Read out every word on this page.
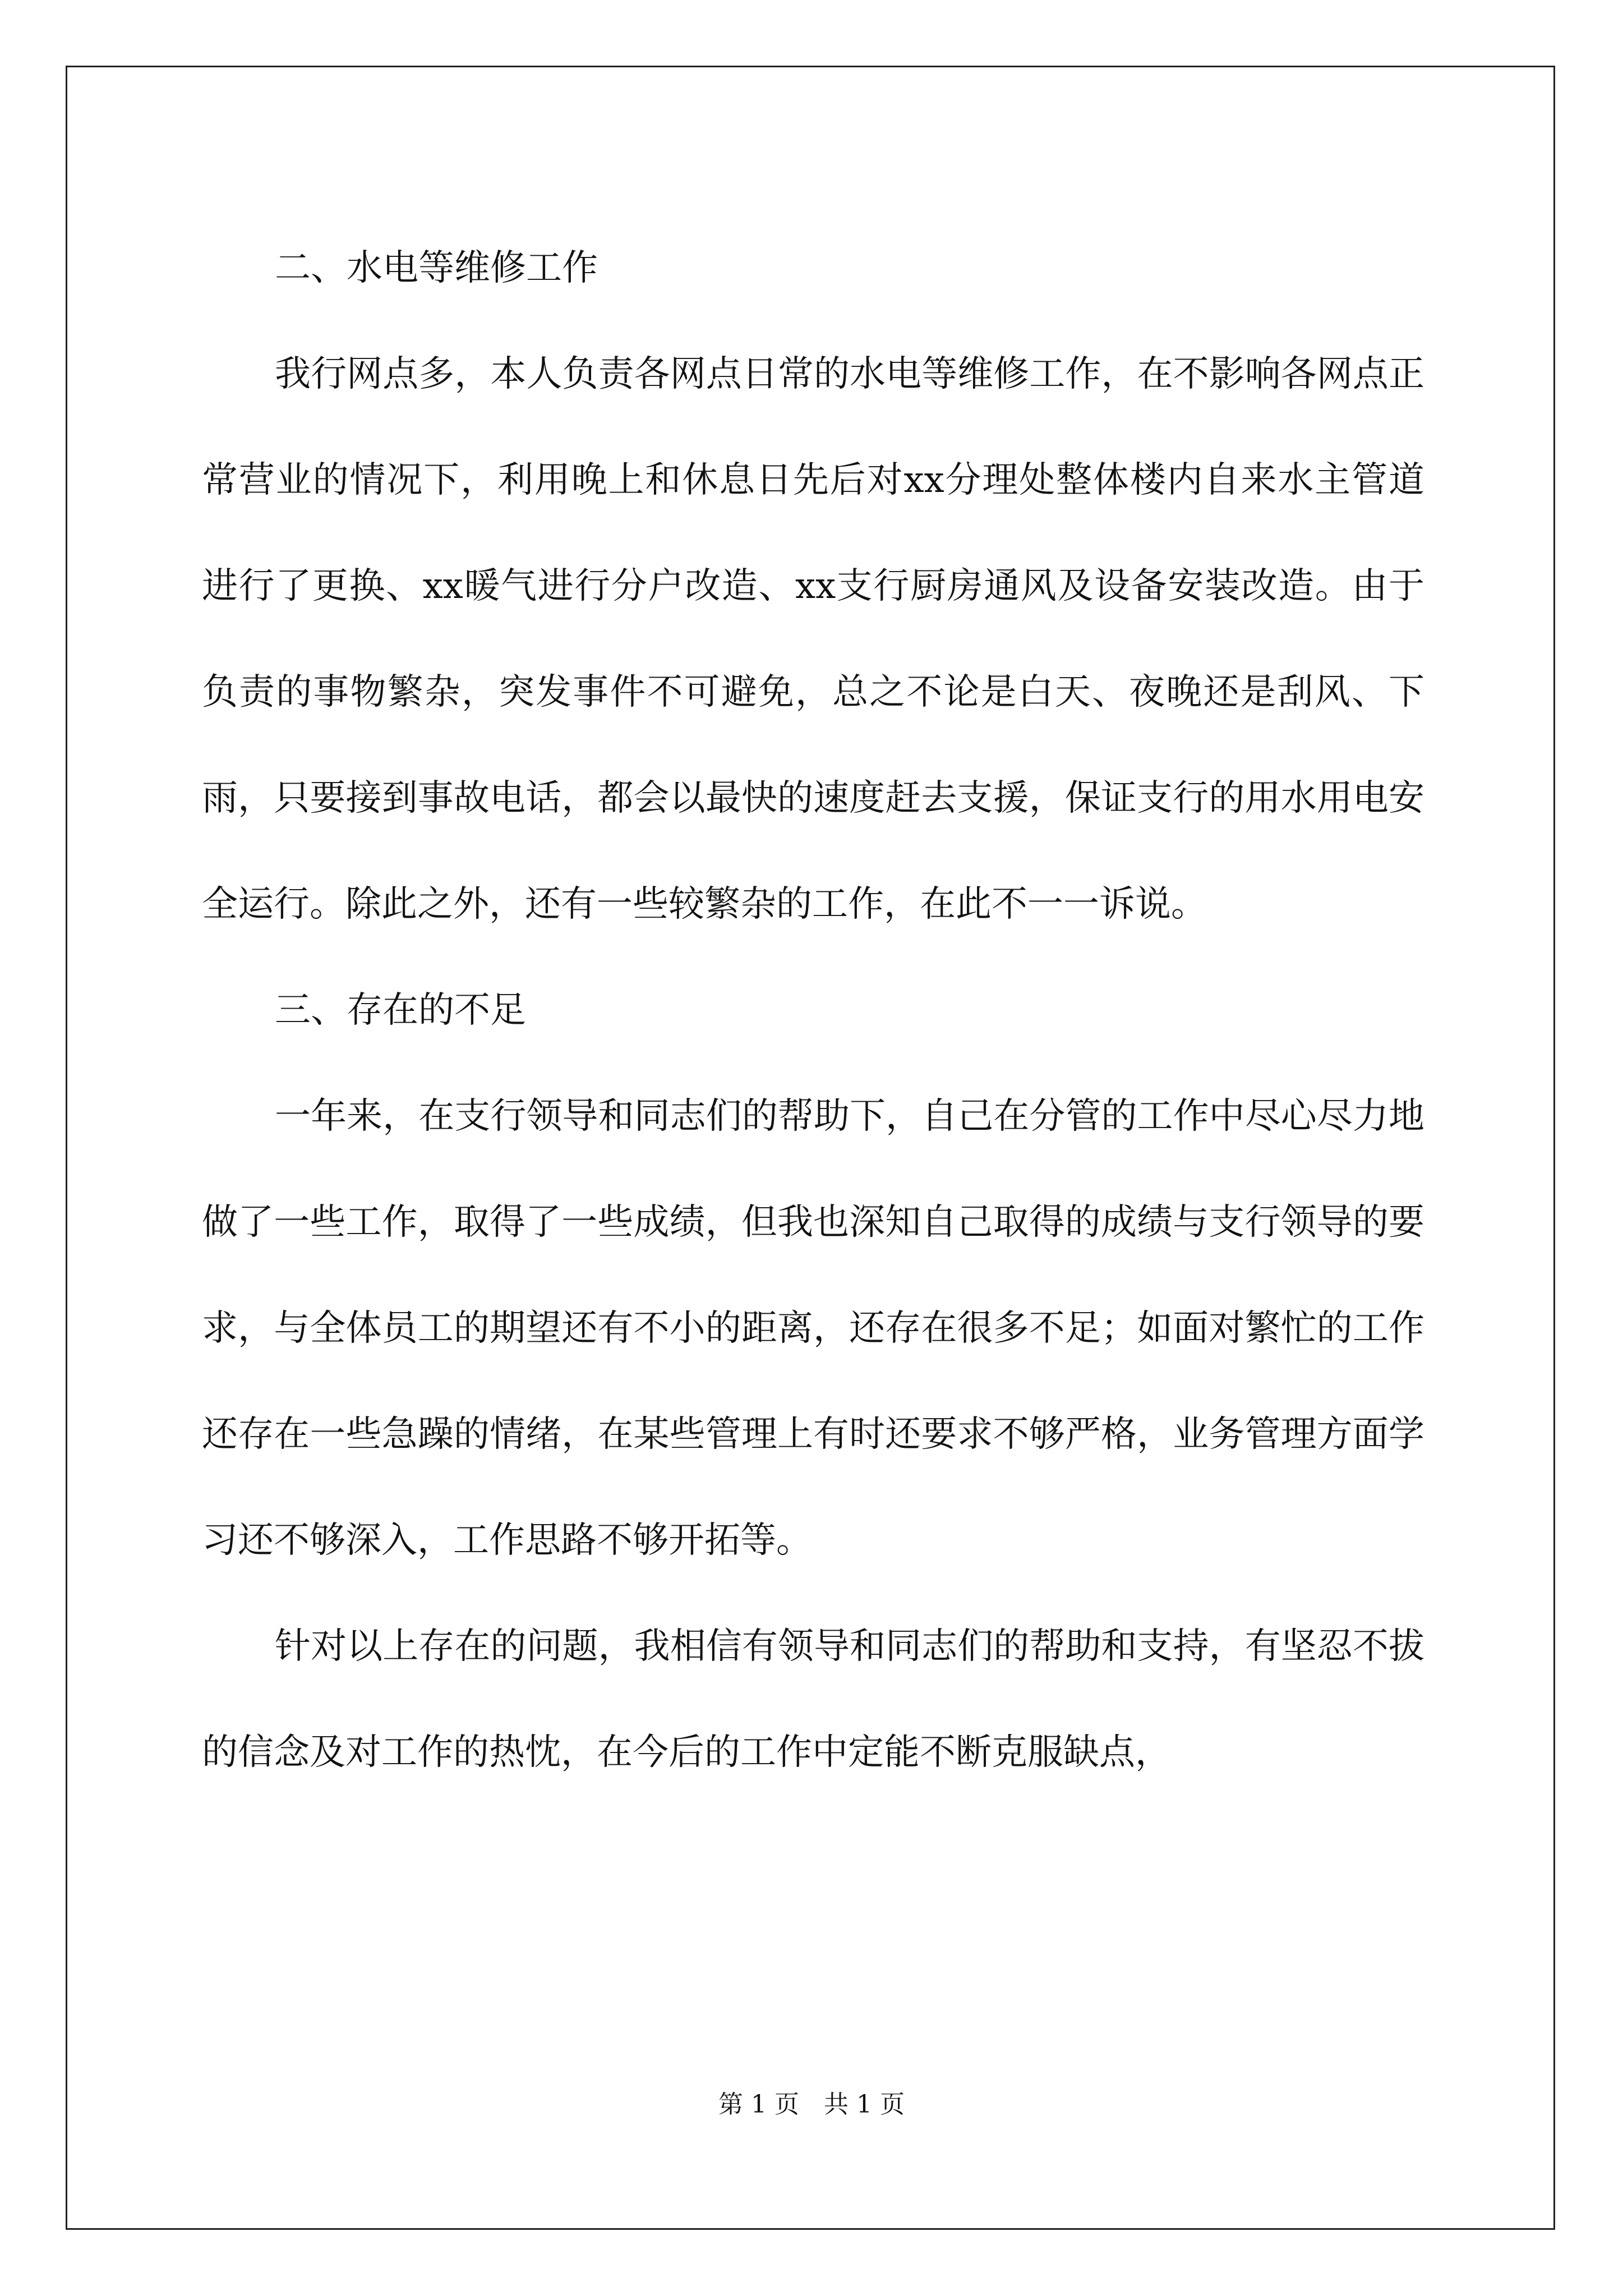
二、水电等维修工作

我行网点多，本人负责各网点日常的水电等维修工作，在不影响各网点正常营业的情况下，利用晚上和休息日先后对xx分理处整体楼内自来水主管道进行了更换、xx暖气进行分户改造、xx支行厨房通风及设备安装改造。由于负责的事物繁杂，突发事件不可避免，总之不论是白天、夜晚还是刮风、下雨，只要接到事故电话，都会以最快的速度赶去支援，保证支行的用水用电安全运行。除此之外，还有一些较繁杂的工作，在此不一一诉说。

三、存在的不足

一年来，在支行领导和同志们的帮助下，自己在分管的工作中尽心尽力地做了一些工作，取得了一些成绩，但我也深知自己取得的成绩与支行领导的要求，与全体员工的期望还有不小的距离，还存在很多不足；如面对繁忙的工作还存在一些急躁的情绪，在某些管理上有时还要求不够严格，业务管理方面学习还不够深入，工作思路不够开拓等。

针对以上存在的问题，我相信有领导和同志们的帮助和支持，有坚忍不拔的信念及对工作的热忱，在今后的工作中定能不断克服缺点，

第 1 页　共 1 页
